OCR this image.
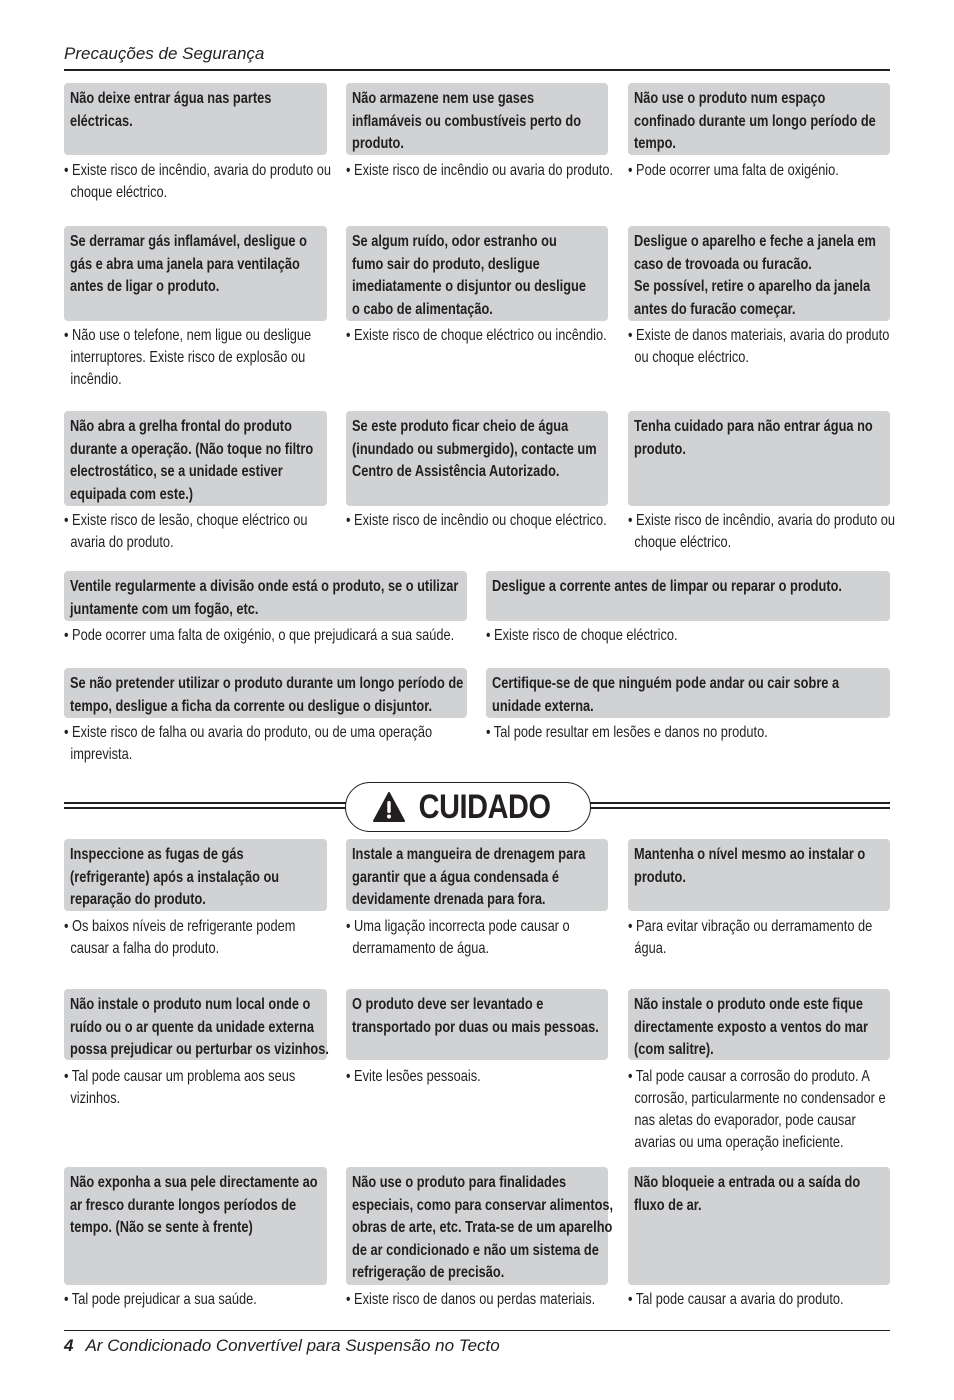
Precauções de Segurança
Não deixe entrar água nas partes
eléctricas.
• Existe risco de incêndio, avaria do produto ou
choque eléctrico.
Não armazene nem use gases
inflamáveis ou combustíveis perto do
produto.
• Existe risco de incêndio ou avaria do produto.
Não use o produto num espaço
confinado durante um longo período de
tempo.
• Pode ocorrer uma falta de oxigénio.
Se derramar gás inflamável, desligue o
gás e abra uma janela para ventilação
antes de ligar o produto.
• Não use o telefone, nem ligue ou desligue
interruptores. Existe risco de explosão ou
incêndio.
Se algum ruído, odor estranho ou
fumo sair do produto, desligue
imediatamente o disjuntor ou desligue
o cabo de alimentação.
• Existe risco de choque eléctrico ou incêndio.
Desligue o aparelho e feche a janela em
caso de trovoada ou furacão.
Se possível, retire o aparelho da janela
antes do furacão começar.
• Existe de danos materiais, avaria do produto
ou choque eléctrico.
Não abra a grelha frontal do produto
durante a operação. (Não toque no filtro
electrostático, se a unidade estiver
equipada com este.)
• Existe risco de lesão, choque eléctrico ou
avaria do produto.
Se este produto ficar cheio de água
(inundado ou submergido), contacte um
Centro de Assistência Autorizado.
• Existe risco de incêndio ou choque eléctrico.
Tenha cuidado para não entrar água no
produto.
• Existe risco de incêndio, avaria do produto ou
choque eléctrico.
Ventile regularmente a divisão onde está o produto, se o utilizar
juntamente com um fogão, etc.
• Pode ocorrer uma falta de oxigénio, o que prejudicará a sua saúde.
Desligue a corrente antes de limpar ou reparar o produto.
• Existe risco de choque eléctrico.
Se não pretender utilizar o produto durante um longo período de
tempo, desligue a ficha da corrente ou desligue o disjuntor.
• Existe risco de falha ou avaria do produto, ou de uma operação
imprevista.
Certifique-se de que ninguém pode andar ou cair sobre a
unidade externa.
• Tal pode resultar em lesões e danos no produto.
Inspeccione as fugas de gás
(refrigerante) após a instalação ou
reparação do produto.
• Os baixos níveis de refrigerante podem
causar a falha do produto.
Instale a mangueira de drenagem para
garantir que a água condensada é
devidamente drenada para fora.
• Uma ligação incorrecta pode causar o
derramamento de água.
Mantenha o nível mesmo ao instalar o
produto.
• Para evitar vibração ou derramamento de
água.
Não instale o produto num local onde o
ruído ou o ar quente da unidade externa
possa prejudicar ou perturbar os vizinhos.
• Tal pode causar um problema aos seus
vizinhos.
O produto deve ser levantado e
transportado por duas ou mais pessoas.
• Evite lesões pessoais.
Não instale o produto onde este fique
directamente exposto a ventos do mar
(com salitre).
• Tal pode causar a corrosão do produto. A
corrosão, particularmente no condensador e
nas aletas do evaporador, pode causar
avarias ou uma operação ineficiente.
Não exponha a sua pele directamente ao
ar fresco durante longos períodos de
tempo. (Não se sente à frente)
• Tal pode prejudicar a sua saúde.
Não use o produto para finalidades
especiais, como para conservar alimentos,
obras de arte, etc. Trata-se de um aparelho
de ar condicionado e não um sistema de
refrigeração de precisão.
• Existe risco de danos ou perdas materiais.
Não bloqueie a entrada ou a saída do
fluxo de ar.
• Tal pode causar a avaria do produto.
CUIDADO
4 Ar Condicionado Convertível para Suspensão no Tecto
